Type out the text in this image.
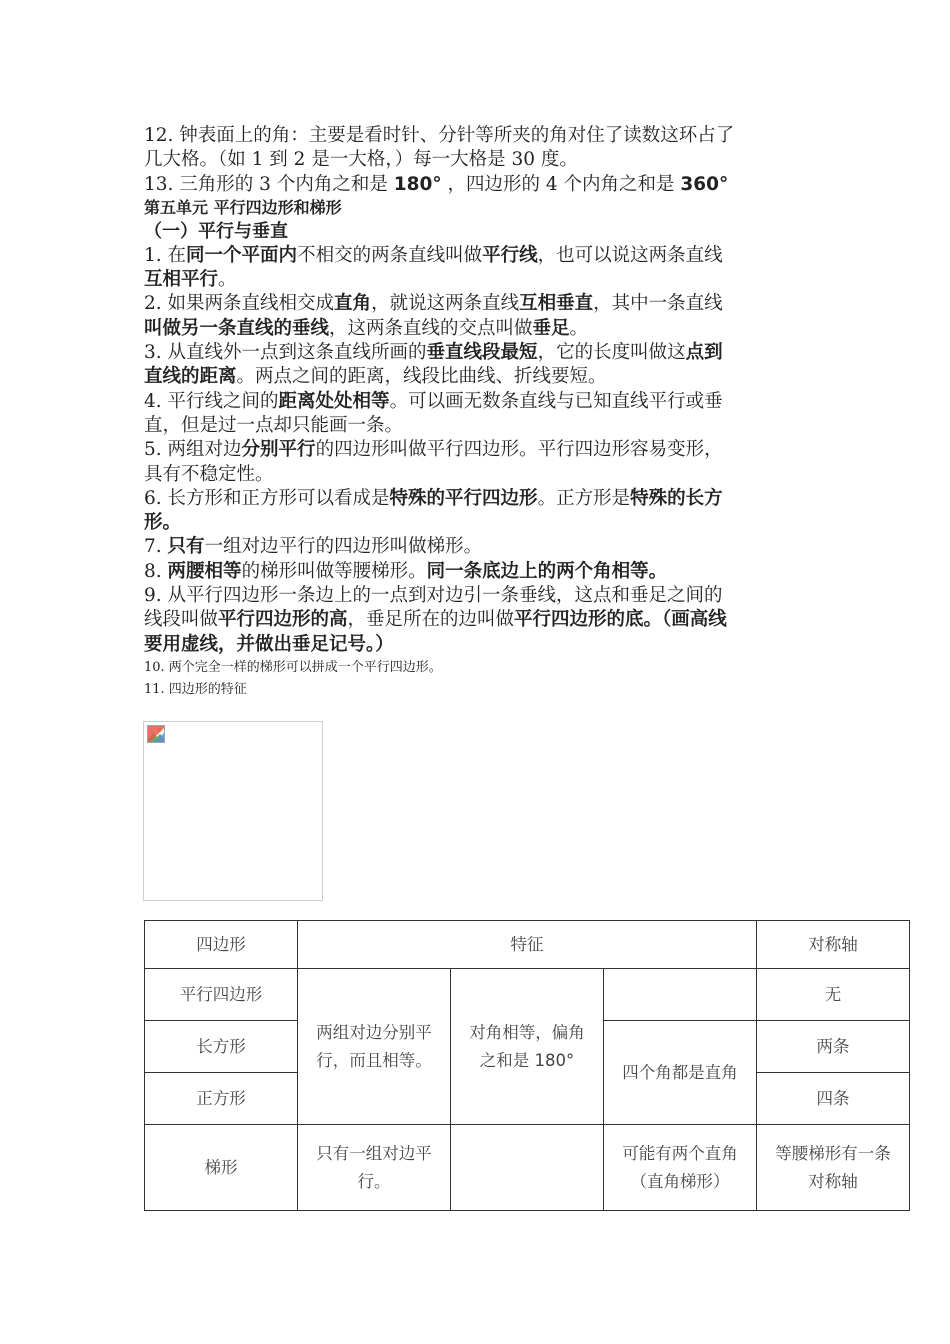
12. 钟表面上的角：主要是看时针、分针等所夹的角对住了读数这环占了
几大格。（如 1 到 2 是一大格，）每一大格是 30 度。
13. 三角形的 3 个内角之和是 180° ，四边形的 4 个内角之和是 360°
第五单元 平行四边形和梯形
（一）平行与垂直
1. 在同一个平面内不相交的两条直线叫做平行线，也可以说这两条直线
互相平行。
2. 如果两条直线相交成直角，就说这两条直线互相垂直，其中一条直线
叫做另一条直线的垂线，这两条直线的交点叫做垂足。
3. 从直线外一点到这条直线所画的垂直线段最短，它的长度叫做这点到
直线的距离。两点之间的距离，线段比曲线、折线要短。
4. 平行线之间的距离处处相等。可以画无数条直线与已知直线平行或垂
直，但是过一点却只能画一条。
5. 两组对边分别平行的四边形叫做平行四边形。平行四边形容易变形，
具有不稳定性。
6. 长方形和正方形可以看成是特殊的平行四边形。正方形是特殊的长方
形。
7. 只有一组对边平行的四边形叫做梯形。
8. 两腰相等的梯形叫做等腰梯形。同一条底边上的两个角相等。
9. 从平行四边形一条边上的一点到对边引一条垂线，这点和垂足之间的
线段叫做平行四边形的高，垂足所在的边叫做平行四边形的底。（画高线
要用虚线，并做出垂足记号。）
10. 两个完全一样的梯形可以拼成一个平行四边形。
11. 四边形的特征
四边形	特征			对称轴
平行四边形	两组对边分别平行，而且相等。	对角相等，偏角之和是 180°		无
长方形			四个角都是直角	两条
正方形				四条
梯形	只有一组对边平行。		可能有两个直角（直角梯形）	等腰梯形有一条对称轴
